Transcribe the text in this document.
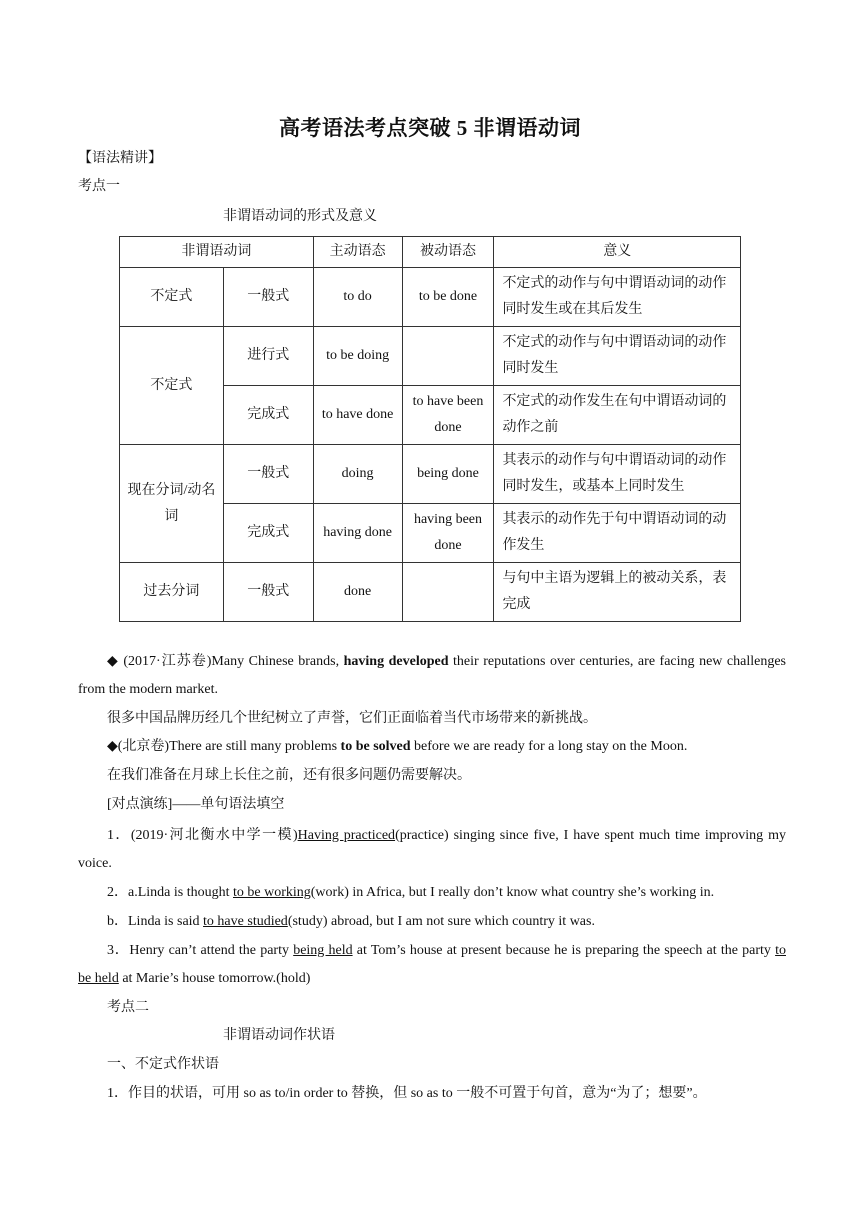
高考语法考点突破 5 非谓语动词
【语法精讲】
考点一
非谓语动词的形式及意义
非谓语动词		主动语态	被动语态	意义
不定式	一般式	to do	to be done	不定式的动作与句中谓语动词的动作同时发生或在其后发生
不定式	进行式	to be doing		不定式的动作与句中谓语动词的动作同时发生
	完成式	to have done	to have been done	不定式的动作发生在句中谓语动词的动作之前
现在分词/动名词	一般式	doing	being done	其表示的动作与句中谓语动词的动作同时发生，或基本上同时发生
	完成式	having done	having been done	其表示的动作先于句中谓语动词的动作发生
过去分词	一般式	done		与句中主语为逻辑上的被动关系，表完成
◆ (2017·江苏卷)Many Chinese brands, having developed their reputations over centuries, are facing new challenges from the modern market.
很多中国品牌历经几个世纪树立了声誉，它们正面临着当代市场带来的新挑战。
◆(北京卷)There are still many problems to be solved before we are ready for a long stay on the Moon.
在我们准备在月球上长住之前，还有很多问题仍需要解决。
[对点演练]——单句语法填空
1．(2019·河北衡水中学一模)Having practiced(practice) singing since five, I have spent much time improving my voice.
2．a.Linda is thought to be working(work) in Africa, but I really don’t know what country she’s working in.
b．Linda is said to have studied(study) abroad, but I am not sure which country it was.
3．Henry can’t attend the party being held at Tom’s house at present because he is preparing the speech at the party to be held at Marie’s house tomorrow.(hold)
考点二
非谓语动词作状语
一、不定式作状语
1．作目的状语，可用 so as to/in order to 替换，但 so as to 一般不可置于句首，意为“为了；想要”。
